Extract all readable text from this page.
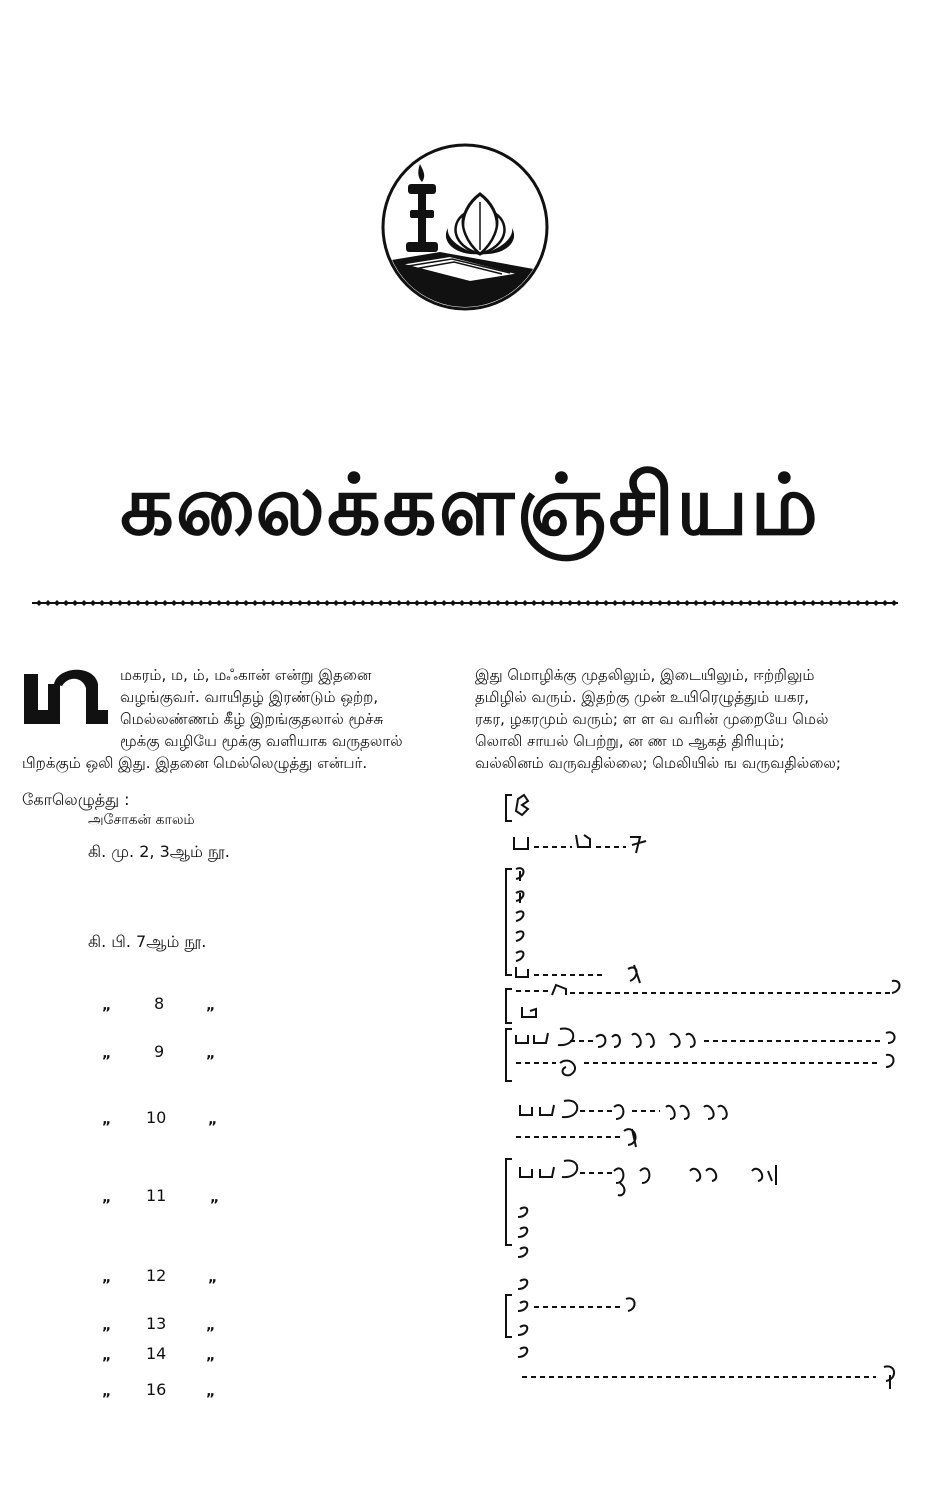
கலைக்களஞ்சியம்
மகரம், ம, ம், மஃகான் என்று இதனை
வழங்குவர். வாயிதழ் இரண்டும் ஒற்ற,
மெல்லண்ணம் கீழ் இறங்குதலால் மூச்சு
மூக்கு வழியே மூக்கு வளியாக வருதலால்
பிறக்கும் ஒலி இது. இதனை மெல்லெழுத்து என்பர்.
இது மொழிக்கு முதலிலும், இடையிலும், ஈற்றிலும்
தமிழில் வரும். இதற்கு முன் உயிரெழுத்தும் யகர,
ரகர, ழகரமும் வரும்; ள ள வ வரின் முறையே மெல்
லொலி சாயல் பெற்று, ன ண ம ஆகத் திரியும்;
வல்லினம் வருவதில்லை; மெலியில் ங வருவதில்லை;
கோலெழுத்து :
அசோகன் காலம்
கி. மு. 2, 3ஆம் நூ.
கி. பி. 7ஆம் நூ.
„	8	„
„	9	„
„ 10	„
„ 11	„
„ 12	„
„ 13	„
„ 14	„
„ 16	„
